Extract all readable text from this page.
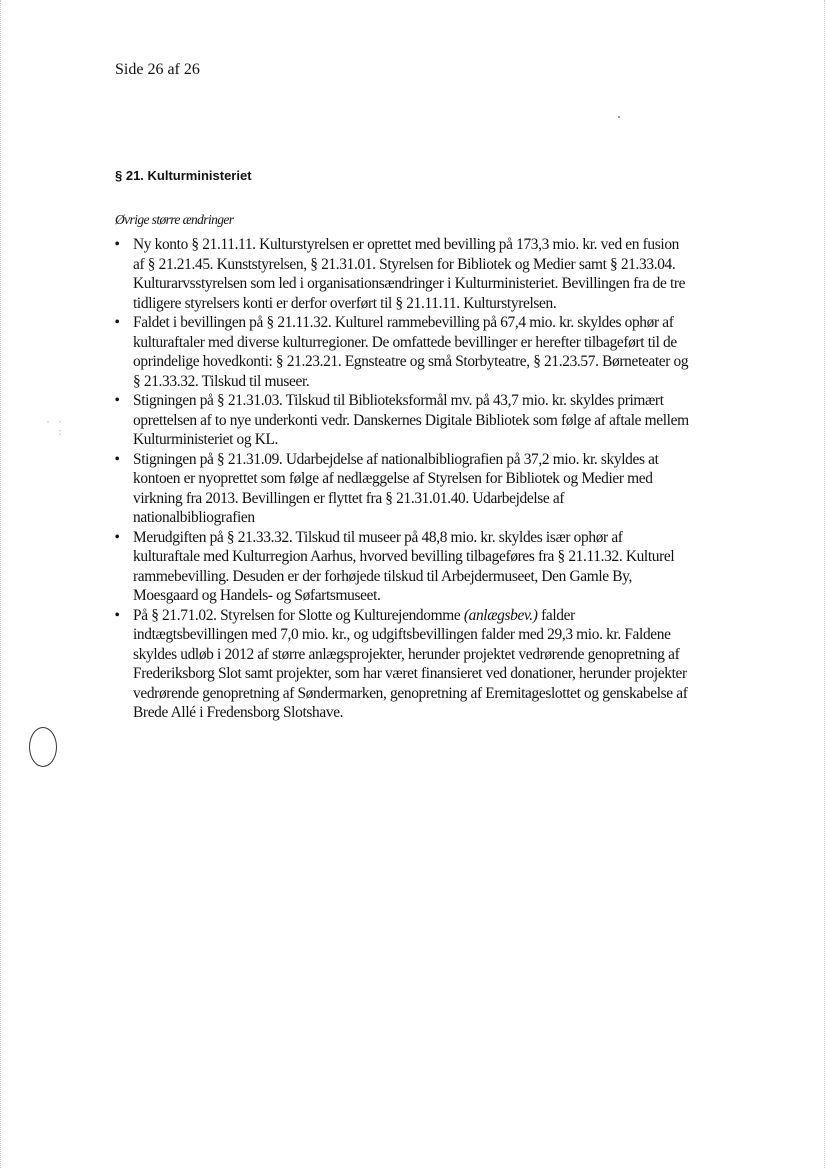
Side 26 af 26
§ 21. Kulturministeriet
Øvrige større ændringer
· ·
:
• Ny konto § 21.11.11. Kulturstyrelsen er oprettet med bevilling på 173,3 mio. kr. ved en fusion af § 21.21.45. Kunststyrelsen, § 21.31.01. Styrelsen for Bibliotek og Medier samt § 21.33.04. Kulturarvsstyrelsen som led i organisationsændringer i Kulturministeriet. Bevillingen fra de tre tidligere styrelsers konti er derfor overført til § 21.11.11. Kulturstyrelsen.
• Faldet i bevillingen på § 21.11.32. Kulturel rammebevilling på 67,4 mio. kr. skyldes ophør af kulturaftaler med diverse kulturregioner. De omfattede bevillinger er herefter tilbageført til de oprindelige hovedkonti: § 21.23.21. Egnsteatre og små Storbyteatre, § 21.23.57. Børneteater og § 21.33.32. Tilskud til museer.
• Stigningen på § 21.31.03. Tilskud til Biblioteksformål mv. på 43,7 mio. kr. skyldes primært oprettelsen af to nye underkonti vedr. Danskernes Digitale Bibliotek som følge af aftale mellem Kulturministeriet og KL.
• Stigningen på § 21.31.09. Udarbejdelse af nationalbibliografien på 37,2 mio. kr. skyldes at kontoen er nyoprettet som følge af nedlæggelse af Styrelsen for Bibliotek og Medier med virkning fra 2013. Bevillingen er flyttet fra § 21.31.01.40. Udarbejdelse af nationalbibliografien
• Merudgiften på § 21.33.32. Tilskud til museer på 48,8 mio. kr. skyldes især ophør af kulturaftale med Kulturregion Aarhus, hvorved bevilling tilbageføres fra § 21.11.32. Kulturel rammebevilling. Desuden er der forhøjede tilskud til Arbejdermuseet, Den Gamle By, Moesgaard og Handels- og Søfartsmuseet.
• På § 21.71.02. Styrelsen for Slotte og Kulturejendomme (anlægsbev.) falder indtægtsbevillingen med 7,0 mio. kr., og udgiftsbevillingen falder med 29,3 mio. kr. Faldene skyldes udløb i 2012 af større anlægsprojekter, herunder projektet vedrørende genopretning af Frederiksborg Slot samt projekter, som har været finansieret ved donationer, herunder projekter vedrørende genopretning af Søndermarken, genopretning af Eremitageslottet og genskabelse af Brede Allé i Fredensborg Slotshave.
